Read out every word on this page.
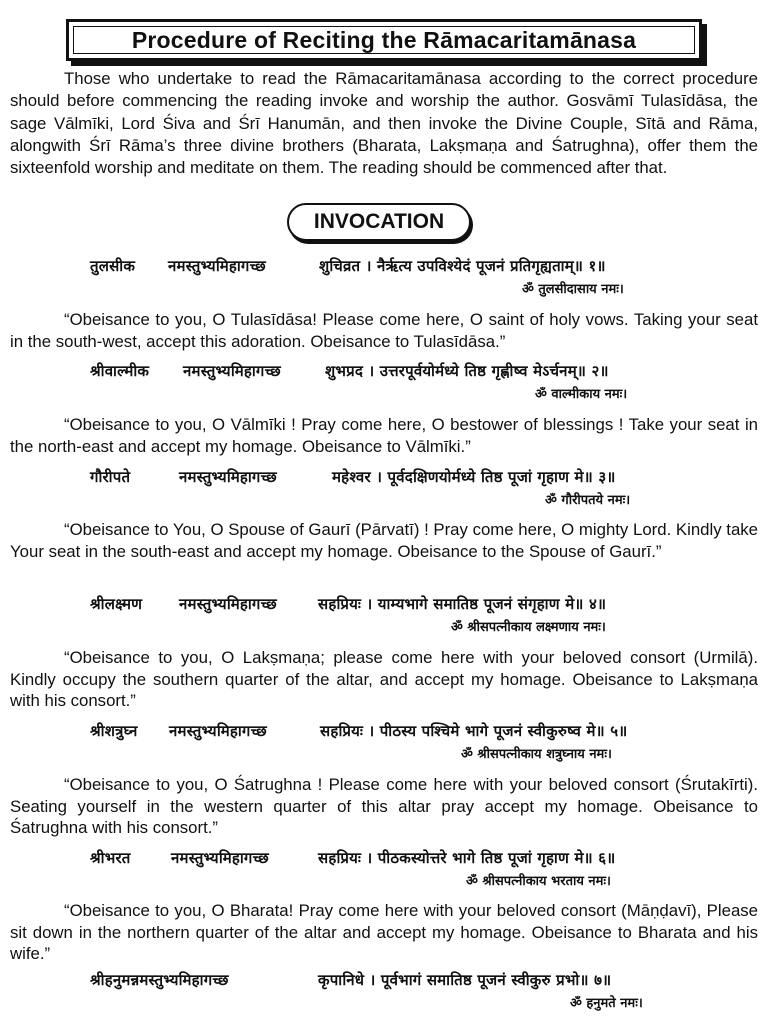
Procedure of Reciting the Rāmacaritamānasa

Those who undertake to read the Rāmacaritamānasa according to the correct procedure should before commencing the reading invoke and worship the author. Gosvāmī Tulasīdāsa, the sage Vālmīki, Lord Śiva and Śrī Hanumān, and then invoke the Divine Couple, Sītā and Rāma, alongwith Śrī Rāma’s three divine brothers (Bharata, Lakṣmaṇa and Śatrughna), offer them the sixteenfold worship and meditate on them. The reading should be commenced after that.

INVOCATION
तुलसीक नमस्तुभ्यमिहागच्छ	शुचिव्रत । नैर्ऋत्य उपविश्येदं पूजनं प्रतिगृह्यताम्॥ १॥
ॐ तुलसीदासाय नमः।

“Obeisance to you, O Tulasīdāsa! Please come here, O saint of holy vows. Taking your seat in the south-west, accept this adoration. Obeisance to Tulasīdāsa.”

श्रीवाल्मीक नमस्तुभ्यमिहागच्छ	शुभप्रद । उत्तरपूर्वयोर्मध्ये तिष्ठ गृह्णीष्व मेऽर्चनम्॥ २॥
ॐ वाल्मीकाय नमः।

“Obeisance to you, O Vālmīki ! Pray come here, O bestower of blessings ! Take your seat in the north-east and accept my homage. Obeisance to Vālmīki.”

गौरीपते	नमस्तुभ्यमिहागच्छ	महेश्वर । पूर्वदक्षिणयोर्मध्ये तिष्ठ पूजां गृहाण मे॥ ३॥
ॐ गौरीपतये नमः।

“Obeisance to You, O Spouse of Gaurī (Pārvatī) ! Pray come here, O mighty Lord. Kindly take Your seat in the south-east and accept my homage. Obeisance to the Spouse of Gaurī.”

श्रीलक्ष्मण नमस्तुभ्यमिहागच्छ	सहप्रियः । याम्यभागे समातिष्ठ पूजनं संगृहाण मे॥ ४॥
ॐ श्रीसपत्नीकाय लक्ष्मणाय नमः।

“Obeisance to you, O Lakṣmaṇa; please come here with your beloved consort (Urmilā). Kindly occupy the southern quarter of the altar, and accept my homage. Obeisance to Lakṣmaṇa with his consort.”

श्रीशत्रुघ्न नमस्तुभ्यमिहागच्छ	सहप्रियः । पीठस्य पश्चिमे भागे पूजनं स्वीकुरुष्व मे॥ ५॥
ॐ श्रीसपत्नीकाय शत्रुघ्नाय नमः।

“Obeisance to you, O Śatrughna ! Please come here with your beloved consort (Śrutakīrti). Seating yourself in the western quarter of this altar pray accept my homage. Obeisance to Śatrughna with his consort.”

श्रीभरत	नमस्तुभ्यमिहागच्छ	सहप्रियः । पीठकस्योत्तरे भागे तिष्ठ पूजां गृहाण मे॥ ६॥
ॐ श्रीसपत्नीकाय भरताय नमः।

“Obeisance to you, O Bharata! Pray come here with your beloved consort (Māṇḍavī), Please sit down in the northern quarter of the altar and accept my homage. Obeisance to Bharata and his wife.”

श्रीहनुमन्नमस्तुभ्यमिहागच्छ	कृपानिधे । पूर्वभागं समातिष्ठ पूजनं स्वीकुरु प्रभो॥ ७॥
ॐ हनुमते नमः।
